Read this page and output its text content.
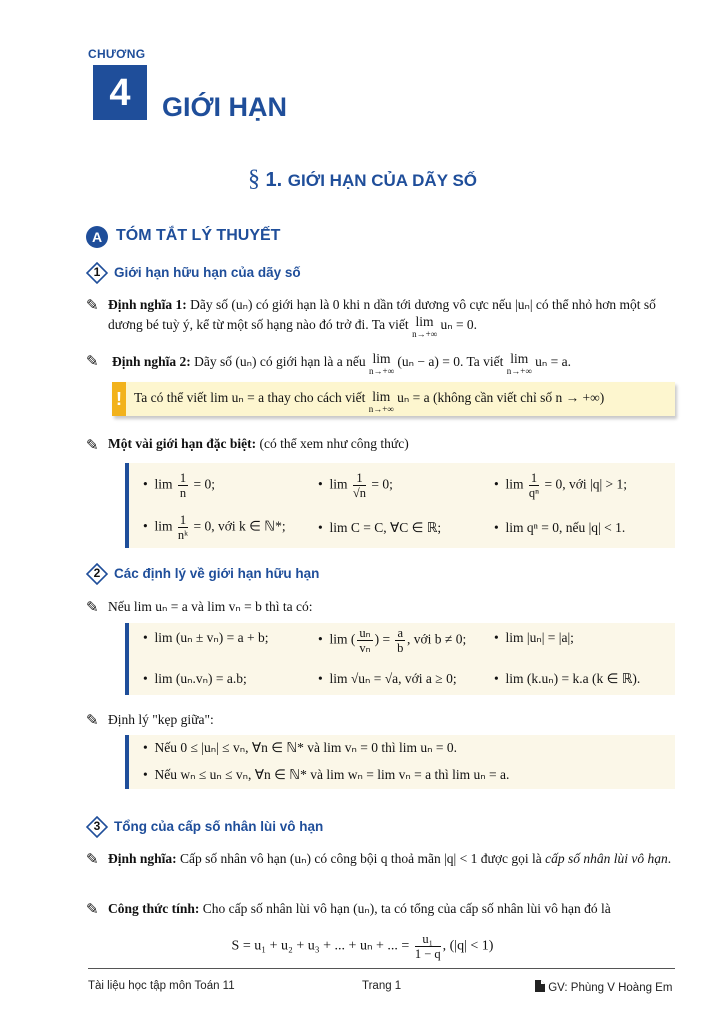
CHƯƠNG
4	GIỚI HẠN
§ 1. GIỚI HẠN CỦA DÃY SỐ
A TÓM TẮT LÝ THUYẾT
1	Giới hạn hữu hạn của dãy số
✎ Định nghĩa 1: Dãy số (uₙ) có giới hạn là 0 khi n dần tới dương vô cực nếu |uₙ| có thể nhỏ hơn một số dương bé tuỳ ý, kể từ một số hạng nào đó trở đi. Ta viết lim
n→+∞
uₙ = 0.
✎ Định nghĩa 2: Dãy số (uₙ) có giới hạn là a nếu lim
n→+∞
(uₙ − a) = 0. Ta viết lim
n→+∞
uₙ = a.
! Ta có thể viết lim uₙ = a thay cho cách viết lim
n→+∞
uₙ = a (không cần viết chỉ số n → +∞)
✎ Một vài giới hạn đặc biệt: (có thể xem như công thức)
•  $\lim \frac{1}{n} = 0$;	•  $\lim \frac{1}{√n} = 0$;	•  $\lim \frac{1}{\text{qⁿ}} = 0$, với |q| > 1;
•  $\lim \frac{1}{\text{nᵏ}} = 0$, với k ∈ ℕ*; •  lim C = C, ∀C ∈ ℝ;	•  lim qⁿ = 0, nếu |q| < 1.
2	Các định lý về giới hạn hữu hạn
✎ Nếu lim uₙ = a và lim vₙ = b thì ta có:
•  lim (uₙ ± vₙ) = a + b;	•  lim ( $\frac{\text{uₙ}}{\text{vₙ}}$ ) = $\frac{a}{b}$ , với b ≠ 0; •  lim |uₙ| = |a|;
•  lim (uₙ.vₙ) = a.b;	•  lim √uₙ = √a, với a ≥ 0;	•  lim (k.uₙ) = k.a (k ∈ ℝ).
✎ Định lý "kẹp giữa":
•  Nếu 0 ≤ |uₙ| ≤ vₙ, ∀n ∈ ℕ* và lim vₙ = 0 thì lim uₙ = 0.
•  Nếu wₙ ≤ uₙ ≤ vₙ, ∀n ∈ ℕ* và lim wₙ = lim vₙ = a thì lim uₙ = a.
3	Tổng của cấp số nhân lùi vô hạn
✎ Định nghĩa: Cấp số nhân vô hạn (uₙ) có công bội q thoả mãn |q| < 1 được gọi là cấp số nhân lùi vô hạn.
✎ Công thức tính: Cho cấp số nhân lùi vô hạn (uₙ), ta có tổng của cấp số nhân lùi vô hạn đó là
S = u₁ + u₂ + u₃ + ... + uₙ + ... = $\frac{\text{u₁}}{1 - q}$ , (|q| < 1)
Tài liệu học tập môn Toán 11	Trang 1	GV: Phùng V Hoàng Em
